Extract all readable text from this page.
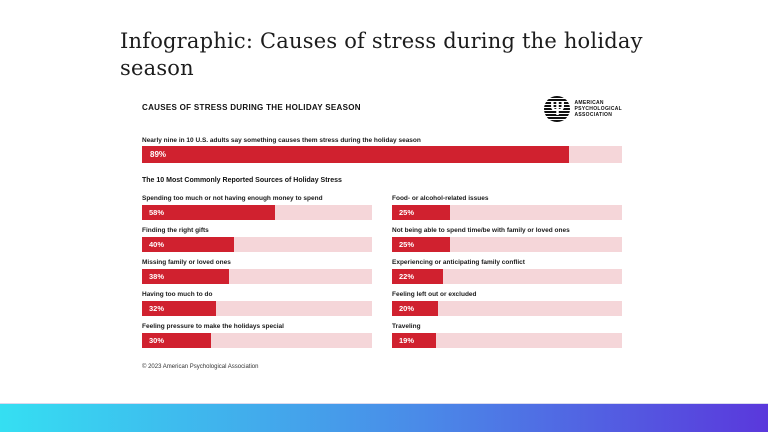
Infographic: Causes of stress during the holiday season
CAUSES OF STRESS DURING THE HOLIDAY SEASON	Ψ	AMERICAN
PSYCHOLOGICAL
ASSOCIATION
Nearly nine in 10 U.S. adults say something causes them stress during the holiday season
89%
The 10 Most Commonly Reported Sources of Holiday Stress
Spending too much or not having enough money to spend
58%
Finding the right gifts
40%
Missing family or loved ones
38%
Having too much to do
32%
Feeling pressure to make the holidays special
30%
Food- or alcohol-related issues
25%
Not being able to spend time/be with family or loved ones
25%
Experiencing or anticipating family conflict
22%
Feeling left out or excluded
20%
Traveling
19%
© 2023 American Psychological Association
